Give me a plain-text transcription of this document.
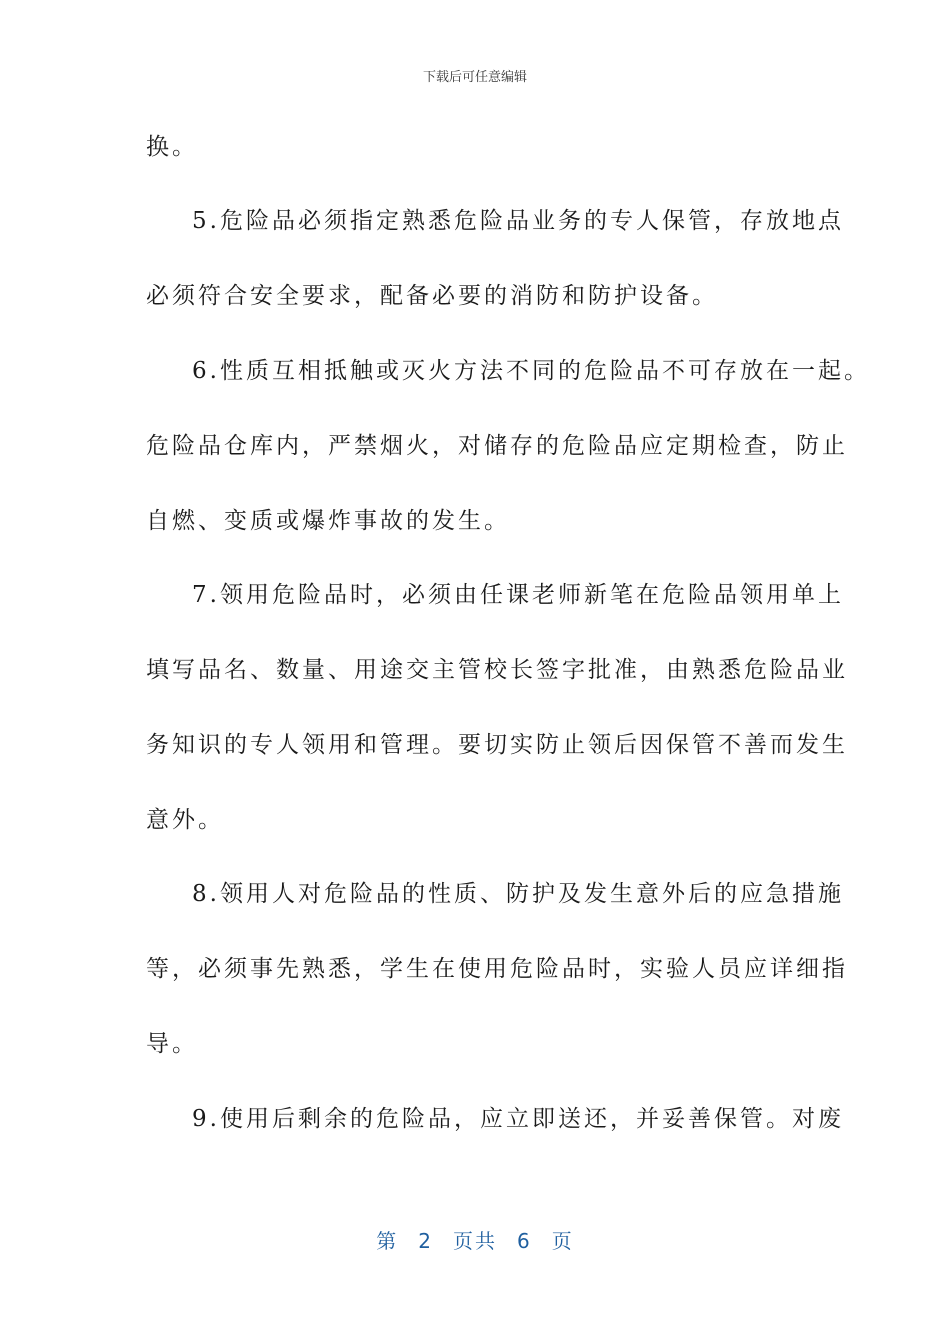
下载后可任意编辑
换。
5.危险品必须指定熟悉危险品业务的专人保管，存放地点
必须符合安全要求，配备必要的消防和防护设备。
6.性质互相抵触或灭火方法不同的危险品不可存放在一起。
危险品仓库内，严禁烟火，对储存的危险品应定期检查，防止
自燃、变质或爆炸事故的发生。
7.领用危险品时，必须由任课老师新笔在危险品领用单上
填写品名、数量、用途交主管校长签字批准，由熟悉危险品业
务知识的专人领用和管理。要切实防止领后因保管不善而发生
意外。
8.领用人对危险品的性质、防护及发生意外后的应急措施
等，必须事先熟悉，学生在使用危险品时，实验人员应详细指
导。
9.使用后剩余的危险品，应立即送还，并妥善保管。对废
第 2 页共 6 页
